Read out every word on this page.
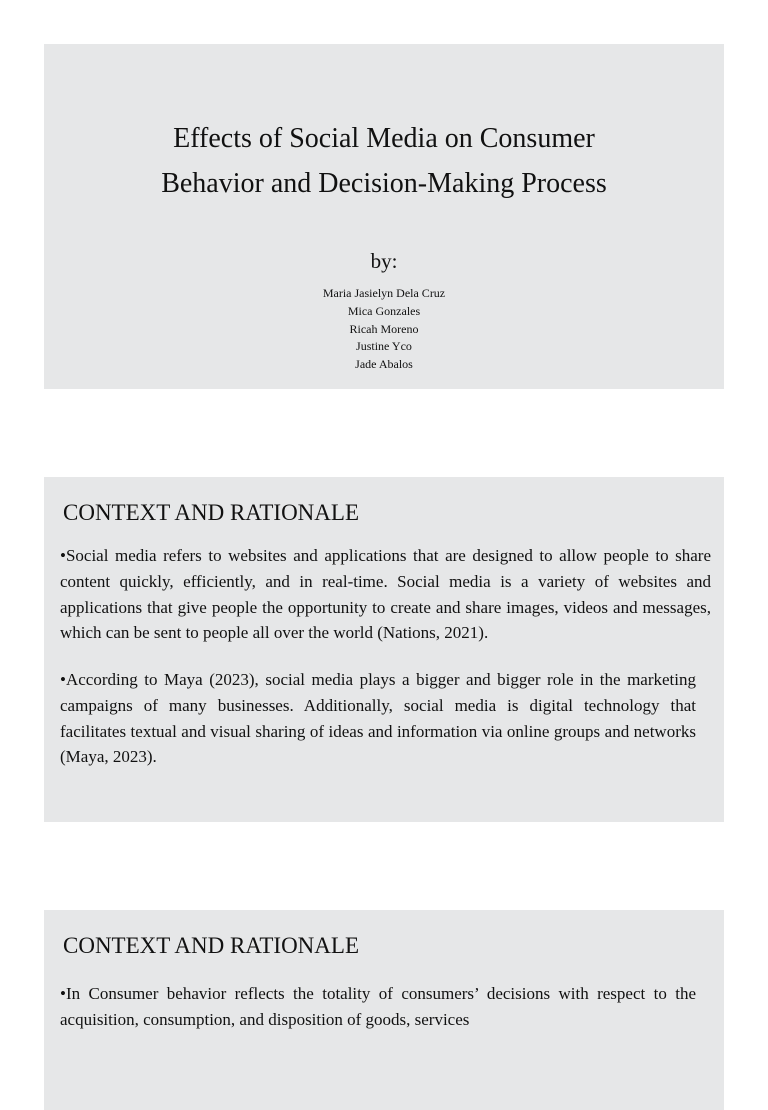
Effects of Social Media on Consumer
Behavior and Decision-Making Process
by:
Maria Jasielyn Dela Cruz
Mica Gonzales
Ricah Moreno
Justine Yco
Jade Abalos
CONTEXT AND RATIONALE

•Social media refers to websites and applications that are designed to allow people to share content quickly, efficiently, and in real-time. Social media is a variety of websites and applications that give people the opportunity to create and share images, videos and messages, which can be sent to people all over the world (Nations, 2021).

•According to Maya (2023), social media plays a bigger and bigger role in the marketing campaigns of many businesses. Additionally, social media is digital technology that facilitates textual and visual sharing of ideas and information via online groups and networks (Maya, 2023).

CONTEXT AND RATIONALE

•In Consumer behavior reflects the totality of consumers’ decisions with respect to the acquisition, consumption, and disposition of goods, services
